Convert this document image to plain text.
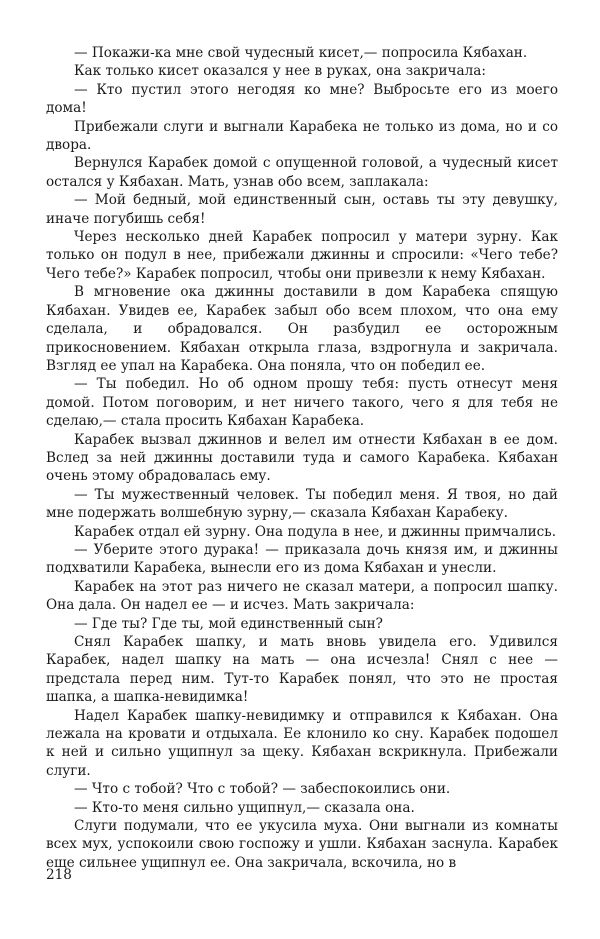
— Покажи-ка мне свой чудесный кисет,— попросила Кябахан.

Как только кисет оказался у нее в руках, она закричала:

— Кто пустил этого негодяя ко мне? Выбросьте его из моего дома!

Прибежали слуги и выгнали Карабека не только из дома, но и со двора.

Вернулся Карабек домой с опущенной головой, а чудесный кисет остался у Кябахан. Мать, узнав обо всем, заплакала:

— Мой бедный, мой единственный сын, оставь ты эту девушку, иначе погубишь себя!

Через несколько дней Карабек попросил у матери зурну. Как только он подул в нее, прибежали джинны и спросили: «Чего тебе? Чего тебе?» Карабек попросил, чтобы они привезли к нему Кябахан.

В мгновение ока джинны доставили в дом Карабека спящую Кябахан. Увидев ее, Карабек забыл обо всем плохом, что она ему сделала, и обрадовался. Он разбудил ее осторожным прикосновением. Кябахан открыла глаза, вздрогнула и закричала. Взгляд ее упал на Карабека. Она поняла, что он победил ее.

— Ты победил. Но об одном прошу тебя: пусть отнесут меня домой. Потом поговорим, и нет ничего такого, чего я для тебя не сделаю,— стала просить Кябахан Карабека.

Карабек вызвал джиннов и велел им отнести Кябахан в ее дом. Вслед за ней джинны доставили туда и самого Карабека. Кябахан очень этому обрадовалась ему.

— Ты мужественный человек. Ты победил меня. Я твоя, но дай мне подержать волшебную зурну,— сказала Кябахан Карабеку.

Карабек отдал ей зурну. Она подула в нее, и джинны примчались.

— Уберите этого дурака! — приказала дочь князя им, и джинны подхватили Карабека, вынесли его из дома Кябахан и унесли.

Карабек на этот раз ничего не сказал матери, а попросил шапку. Она дала. Он надел ее — и исчез. Мать закричала:

— Где ты? Где ты, мой единственный сын?

Снял Карабек шапку, и мать вновь увидела его. Удивился Карабек, надел шапку на мать — она исчезла! Снял с нее — предстала перед ним. Тут-то Карабек понял, что это не простая шапка, а шапка-невидимка!

Надел Карабек шапку-невидимку и отправился к Кябахан. Она лежала на кровати и отдыхала. Ее клонило ко сну. Карабек подошел к ней и сильно ущипнул за щеку. Кябахан вскрикнула. Прибежали слуги.

— Что с тобой? Что с тобой? — забеспокоились они.

— Кто-то меня сильно ущипнул,— сказала она.

Слуги подумали, что ее укусила муха. Они выгнали из комнаты всех мух, успокоили свою госпожу и ушли. Кябахан заснула. Карабек еще сильнее ущипнул ее. Она закричала, вскочила, но в

218
